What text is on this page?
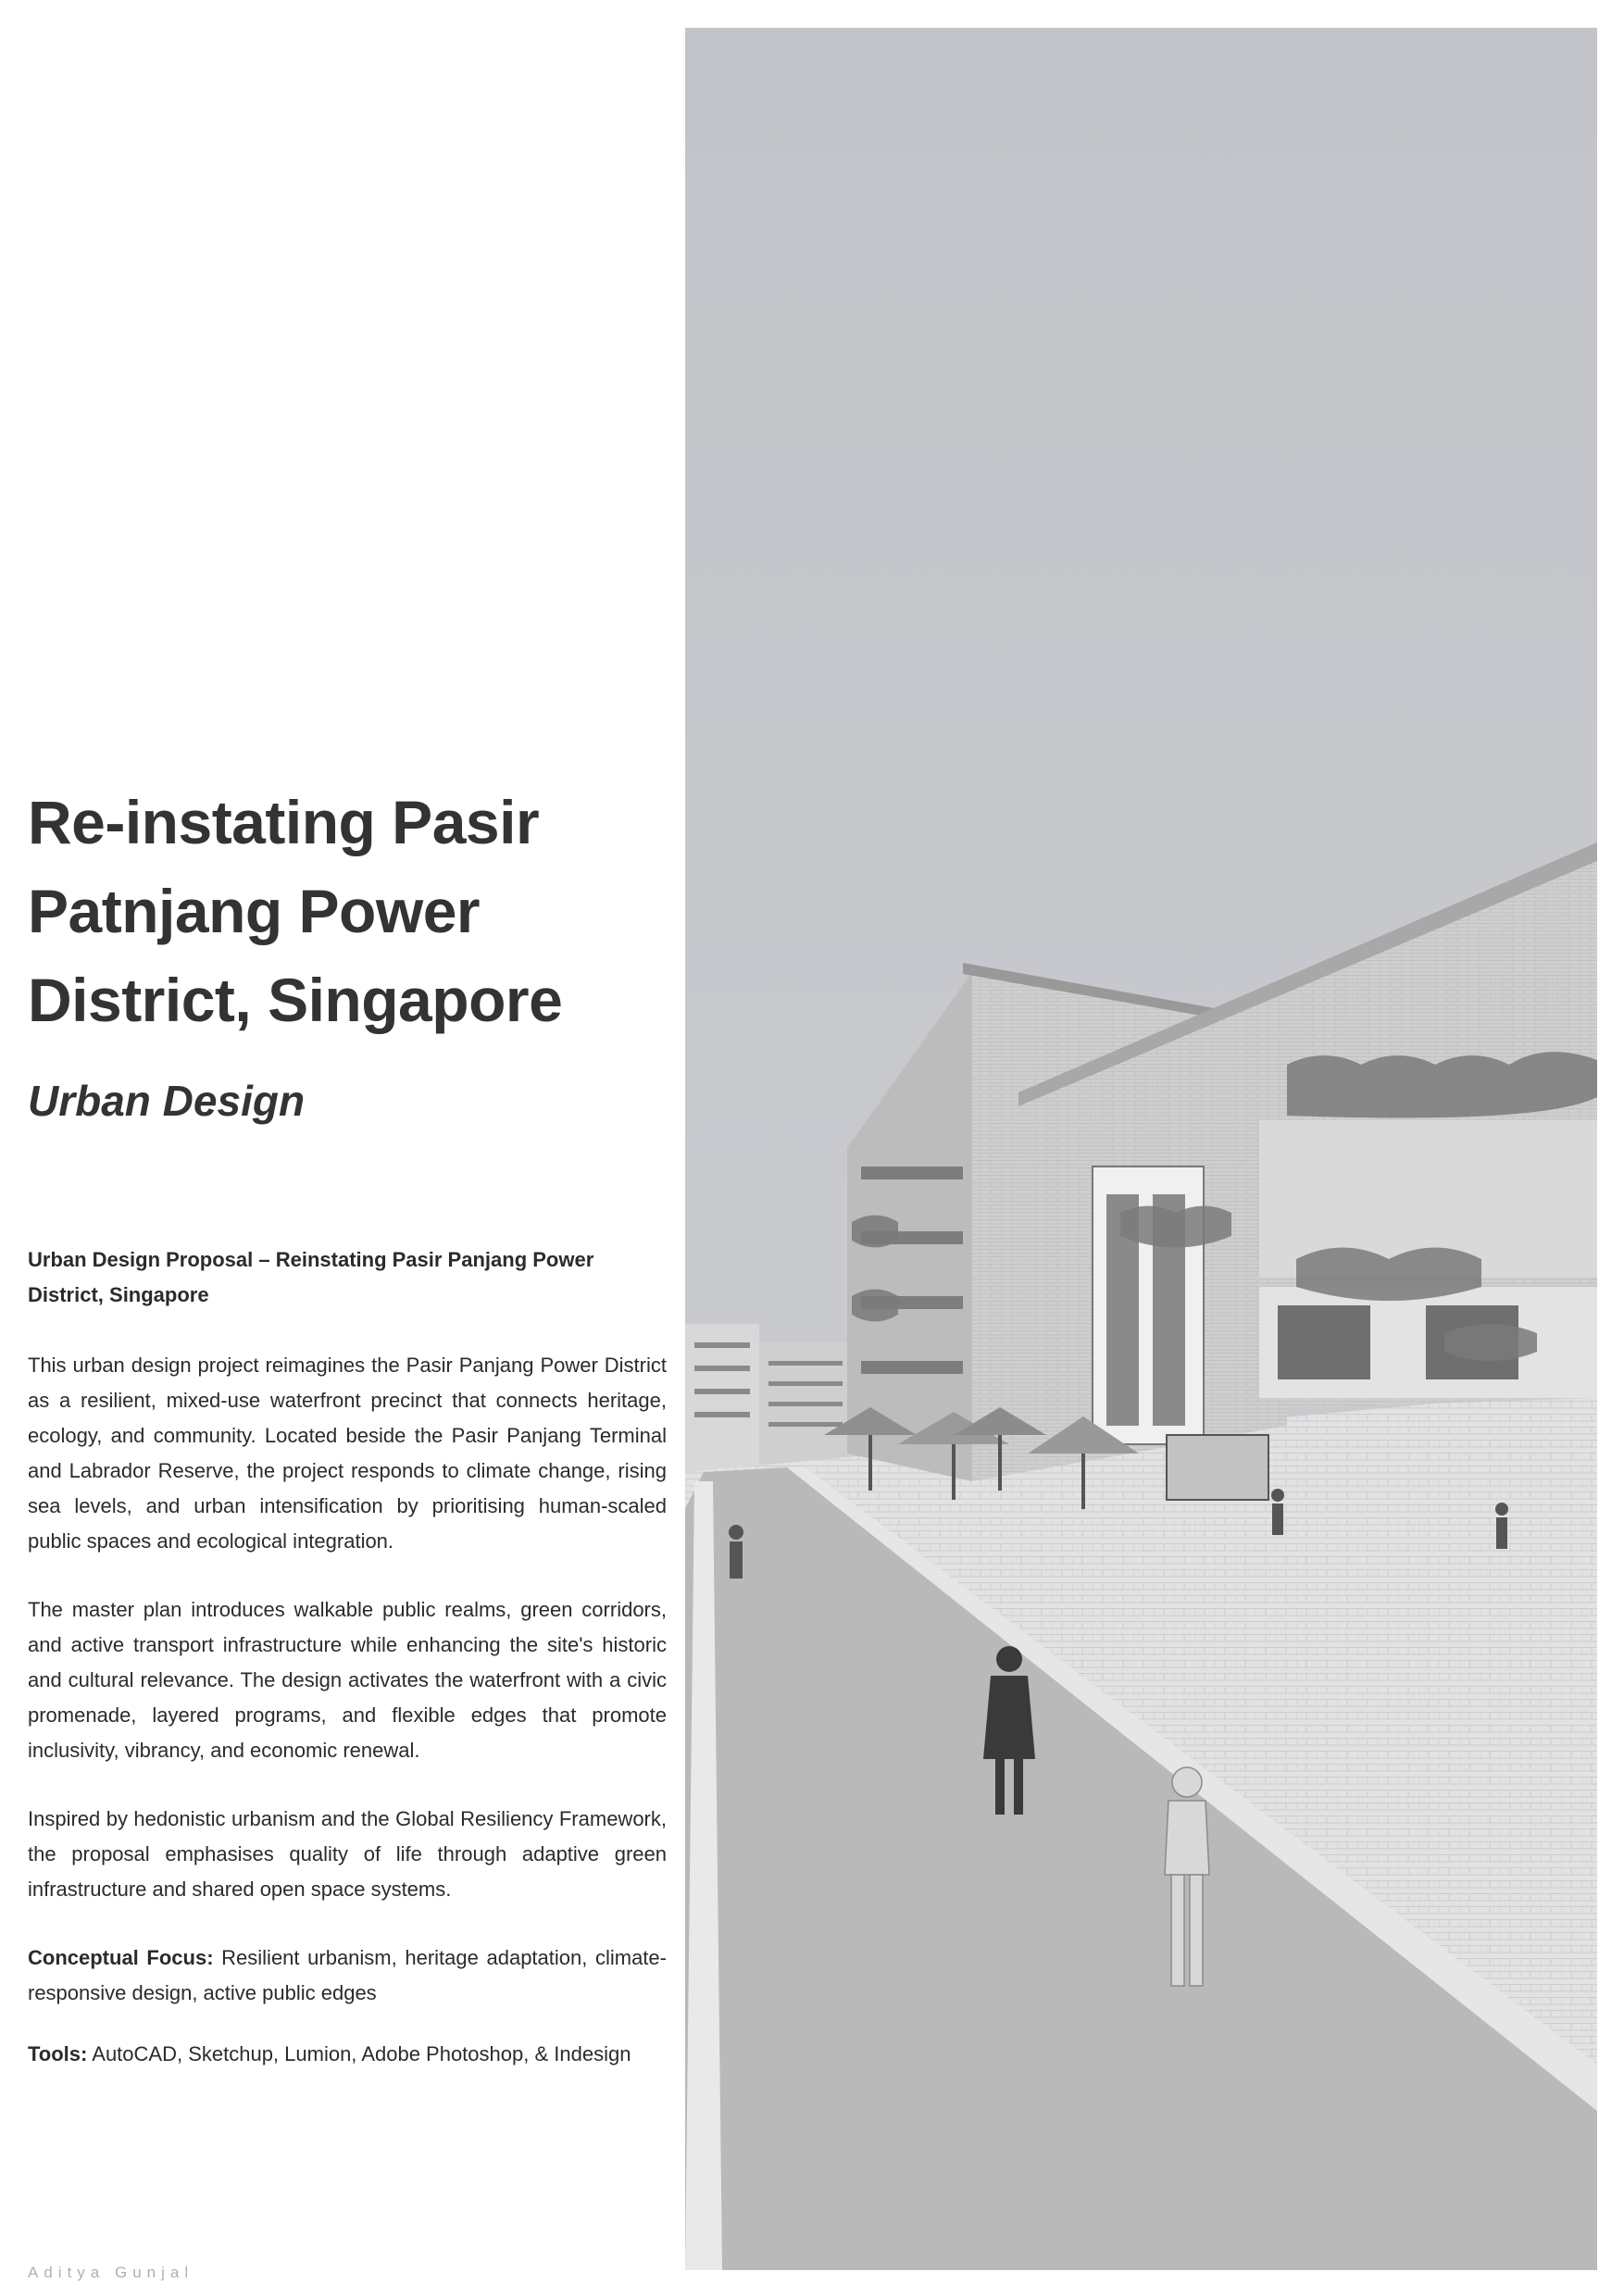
Re-instating Pasir
Patnjang Power
District, Singapore
Urban Design

Urban Design Proposal – Reinstating Pasir Panjang Power District, Singapore

This urban design project reimagines the Pasir Panjang Power District as a resilient, mixed-use waterfront precinct that connects heritage, ecology, and community. Located beside the Pasir Panjang Terminal and Labrador Reserve, the project responds to climate change, rising sea levels, and urban intensification by prioritising human-scaled public spaces and ecological integration.

The master plan introduces walkable public realms, green corridors, and active transport infrastructure while enhancing the site's historic and cultural relevance. The design activates the waterfront with a civic promenade, layered programs, and flexible edges that promote inclusivity, vibrancy, and economic renewal.

Inspired by hedonistic urbanism and the Global Resiliency Framework, the proposal emphasises quality of life through adaptive green infrastructure and shared open space systems.

Conceptual Focus: Resilient urbanism, heritage adaptation, climate-responsive design, active public edges

Tools: AutoCAD, Sketchup, Lumion, Adobe Photoshop, & Indesign

Aditya Gunjal
